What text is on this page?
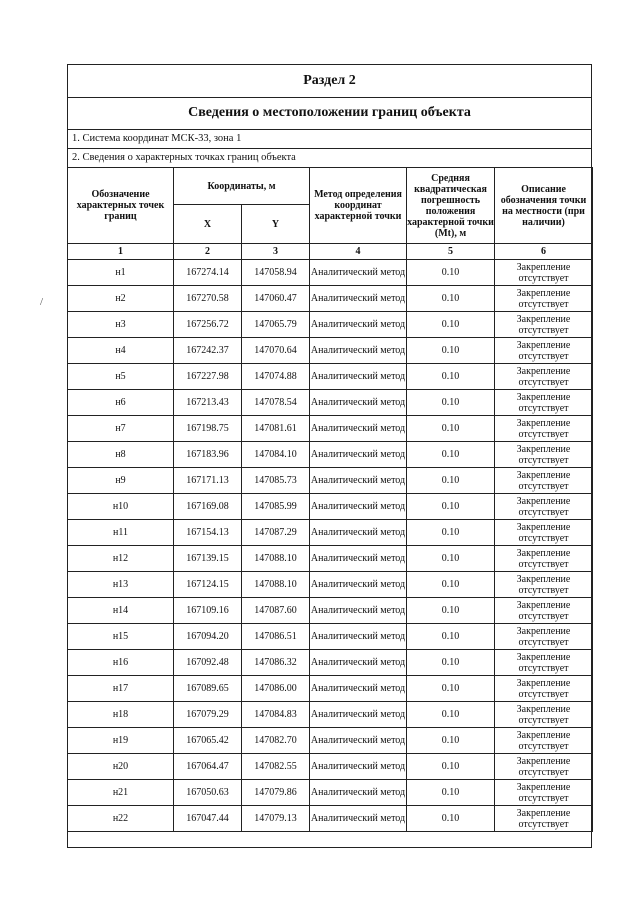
/
Раздел 2
Сведения о местоположении границ объекта
1. Система координат МСК-33, зона 1
2. Сведения о характерных точках границ объекта
Обозначение характерных точек границ	Координаты, м		Метод определения координат характерной точки	Средняя квадратическая погрешность положения характерной точки (Mt), м	Описание обозначения точки на местности (при наличии)
	X	Y			
1	2	3	4	5	6
н1	167274.14	147058.94	Аналитический метод	0.10	Закрепление отсутствует
н2	167270.58	147060.47	Аналитический метод	0.10	Закрепление отсутствует
н3	167256.72	147065.79	Аналитический метод	0.10	Закрепление отсутствует
н4	167242.37	147070.64	Аналитический метод	0.10	Закрепление отсутствует
н5	167227.98	147074.88	Аналитический метод	0.10	Закрепление отсутствует
н6	167213.43	147078.54	Аналитический метод	0.10	Закрепление отсутствует
н7	167198.75	147081.61	Аналитический метод	0.10	Закрепление отсутствует
н8	167183.96	147084.10	Аналитический метод	0.10	Закрепление отсутствует
н9	167171.13	147085.73	Аналитический метод	0.10	Закрепление отсутствует
н10	167169.08	147085.99	Аналитический метод	0.10	Закрепление отсутствует
н11	167154.13	147087.29	Аналитический метод	0.10	Закрепление отсутствует
н12	167139.15	147088.10	Аналитический метод	0.10	Закрепление отсутствует
н13	167124.15	147088.10	Аналитический метод	0.10	Закрепление отсутствует
н14	167109.16	147087.60	Аналитический метод	0.10	Закрепление отсутствует
н15	167094.20	147086.51	Аналитический метод	0.10	Закрепление отсутствует
н16	167092.48	147086.32	Аналитический метод	0.10	Закрепление отсутствует
н17	167089.65	147086.00	Аналитический метод	0.10	Закрепление отсутствует
н18	167079.29	147084.83	Аналитический метод	0.10	Закрепление отсутствует
н19	167065.42	147082.70	Аналитический метод	0.10	Закрепление отсутствует
н20	167064.47	147082.55	Аналитический метод	0.10	Закрепление отсутствует
н21	167050.63	147079.86	Аналитический метод	0.10	Закрепление отсутствует
н22	167047.44	147079.13	Аналитический метод	0.10	Закрепление отсутствует
